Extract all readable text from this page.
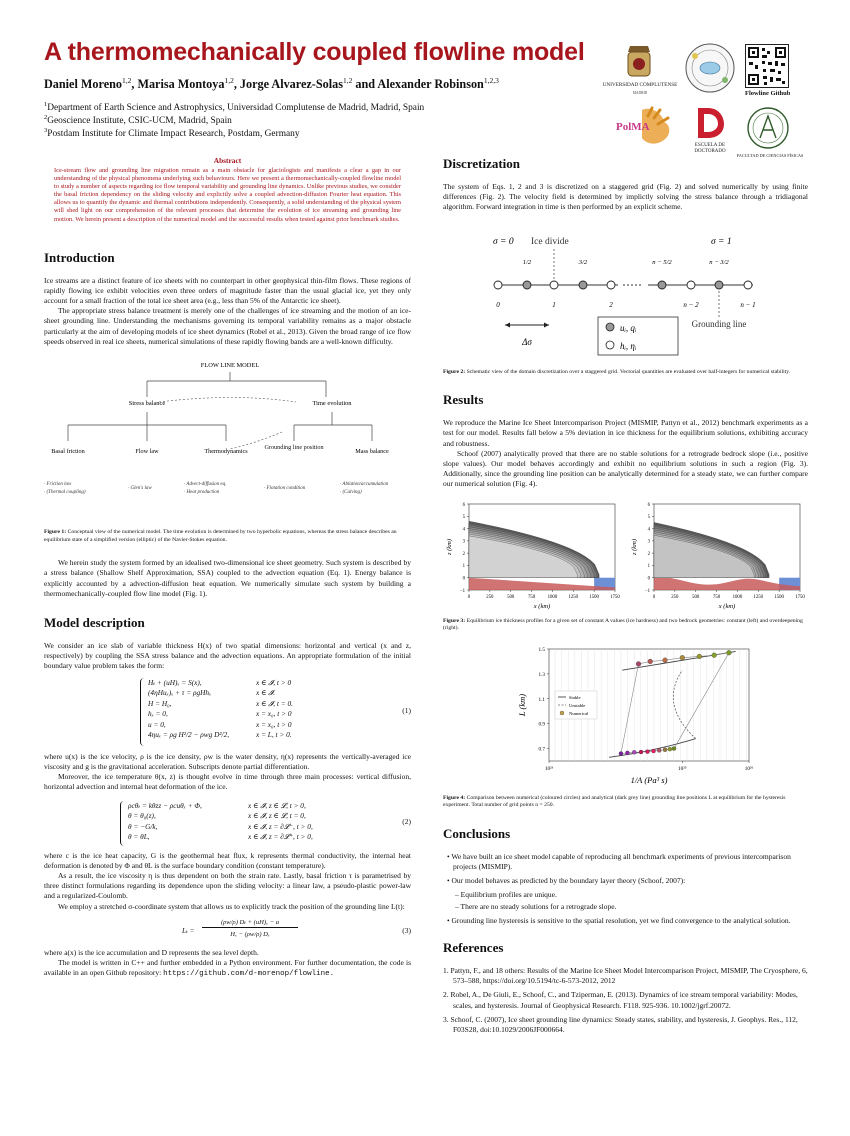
A thermomechanically coupled flowline model
Daniel Moreno$^{1,2}$, Marisa Montoya$^{1,2}$, Jorge Alvarez-Solas$^{1,2}$ and Alexander Robinson$^{1,2,3}$
$^1$Department of Earth Science and Astrophysics, Universidad Complutense de Madrid, Madrid, Spain
$^2$Geoscience Institute, CSIC-UCM, Madrid, Spain
$^3$Postdam Institute for Climate Impact Research, Postdam, Germany
UNIVERSIDAD COMPLUTENSE
MADRID	Flowline Github
PolMA
ESCUELA DE
DOCTORADO
FACULTAD DE CIENCIAS FÍSICAS
Abstract
Ice-stream flow and grounding line migration remain as a main obstacle for glaciologists and manifests a clear a gap in our understanding of the physical phenomena underlying such behaviours. Here we present a thermomechanically-coupled flowline model to study a number of aspects regarding ice flow temporal variability and grounding line dynamics. Unlike previous studies, we consider the basal friction dependency on the sliding velocity and explicitly solve a coupled advection-diffusion Fourier heat equation. This allows us to quantify the dynamic and thermal contributions independently. Consequently, a solid understanding of the physical system will shed light on our comprehension of the relevant processes that determine the evolution of ice streaming and grounding line motion. We herein present a description of the numerical model and the successful results when tested against prior benchmark studies.
Introduction

Ice streams are a distinct feature of ice sheets with no counterpart in other geophysical thin-film flows. These regions of rapidly flowing ice exhibit velocities even three orders of magnitude faster than the usual glacial ice, yet they only account for a small fraction of the total ice sheet area (e.g., less than 5% of the Antarctic ice sheet).

The appropriate stress balance treatment is merely one of the challenges of ice streaming and the motion of an ice-sheet grounding line. Understanding the mechanisms governing its temporal variability remains as a major obstacle particularly at the aim of developing models of ice sheet dynamics (Robel et al., 2013). Given the broad range of ice flow speeds observed in real ice sheets, numerical simulations of these rapidly flowing bands are a well-known difficulty.

FLOW LINE MODEL
Stress balance	Time evolution
Basal friction	Flow law	Thermodynamics
Grounding line position
Mass balance
· Friction law
· (Thermal coupling)
· Glen's law
· Advect-diffusion eq.
· Heat production
· Flotation condition
· Ablation/accumulation
· (Calving)
Figure 1: Conceptual view of the numerical model. The time evolution is determined by two hyperbolic equations, whereas the stress balance describes an equilibrium state of a simplified version (elliptic) of the Navier-Stokes equation.

We herein study the system formed by an idealised two-dimensional ice sheet geometry. Such system is described by a stress balance (Shallow Shelf Approximation, SSA) coupled to the advection equation (Eq. 1). Energy balance is explicitly accounted by a advection-diffusion heat equation. We numerically simulate such system by building a thermomechanically-coupled flow line model (Fig. 1).

Model description

We consider an ice slab of variable thickness H(x) of two spatial dimensions: horizontal and vertical (x and z, respectively) by coupling the SSA stress balance and the advection equations. An appropriate formulation of the initial boundary value problem takes the form:

Hₜ + (uH)ₓ = S(x),	x ∈ 𝓘, t > 0
(4ηHuₓ)ₓ + τ = ρgHhₓ	x ∈ 𝓘.
H = H₀,	x ∈ 𝓘, t = 0.
hₓ = 0,	x = x₀, t > 0
u = 0,	x = x₀, t > 0
4ηuₓ = ρg H²/2 − ρwg D²/2,	x = L, t > 0.
(1)

where u(x) is the ice velocity, ρ is the ice density, ρw is the water density, η(x) represents the vertically-averaged ice viscosity and g is the gravitational acceleration. Subscripts denote partial differentiation.

Moreover, the ice temperature θ(x, z) is thought evolve in time through three main processes: vertical diffusion, horizontal advection and internal heat deformation of the ice.

ρcθₜ = kθzz − ρcuθₓ + Φ,	x ∈ 𝓘, z ∈ 𝓛, t > 0,
θ = θ₀(z),	x ∈ 𝓘, z ∈ 𝓛, t = 0,
θ = −G/k,	x ∈ 𝓘, z = ∂𝓛⁻, t > 0,
θ = θL,	x ∈ 𝓘, z = ∂𝓛⁺, t > 0,
(2)

where c is the ice heat capacity, G is the geothermal heat flux, k represents thermal conductivity, the internal heat deformation is denoted by Φ and θL is the surface boundary condition (constant temperature).

As a result, the ice viscosity η is thus dependent on both the strain rate. Lastly, basal friction τ is parametrised by three distinct formulations regarding its dependence upon the sliding velocity: a linear law, a pseudo-plastic power-law and a regularized-Coulomb.

We employ a stretched σ-coordinate system that allows us to explicitly track the position of the grounding line L(t):

Lₜ =
(ρw/ρ) Dₜ + (uH)ₓ − a
Hₓ − (ρw/ρ) Dₓ	(3)

where a(x) is the ice accumulation and D represents the sea level depth.

The model is written in C++ and further embedded in a Python environment. For further documentation, the code is available in an open Github repository: https://github.com/d-morenop/flowline.

Discretization

The system of Eqs. 1, 2 and 3 is discretized on a staggered grid (Fig. 2) and solved numerically by using finite differences (Fig. 2). The velocity field is determined by implictly solving the stress balance through a tridiagonal algorithm. Forward integration in time is then performed by an explicit scheme.

σ = 0 Ice divide	σ = 1
1/2	3/2	n − 5/2	n − 3/2
0	1	2	n − 2	n − 1
Grounding line
Δσ
uᵢ, qᵢ
hᵢ, ηᵢ
Figure 2: Schematic view of the domain discretization over a staggered grid. Vectorial quantities are evaluated over half-integers for numerical stability.
Results

We reproduce the Marine Ice Sheet Intercomparison Project (MISMIP, Pattyn et al., 2012) benchmark experiments as a test for our model. Results fall below a 5% deviation in ice thickness for the equilibrium solutions, exhibiting accuracy and robustness.

Schoof (2007) analytically proved that there are no stable solutions for a retrograde bedrock slope (i.e., positive slope values). Our model behaves accordingly and exhibit no equilibrium solutions in such a region (Fig. 3). Additionally, since the grounding line position can be analytically determined for a steady state, we can further compare our numerical solution (Fig. 4).

0	250	500	750	1000 1250 1500 1750
−1
0
1
2
3
4
5
6
x (km)
z (km)
0	250	500	750	1000 1250 1500 1750
−1
0
1
2
3
4
5
6
x (km)
z (km)
Figure 3: Equilibrium ice thickness profiles for a given set of constant A values (ice hardness) and two bedrock geometries: constant (left) and overdeepening (right).
10²³	10²⁵	10²⁶
0.7
0.9
1.1
1.3
1.5
1/A (Pa³ s)
L (km)	Stable
Unstable
Numerical
Figure 4: Comparison between numerical (coloured circles) and analytical (dark grey line) grounding line positions L at equilibrium for the hysteresis experiment. Total number of grid points n = 250.
Conclusions
• We have built an ice sheet model capable of reproducing all benchmark experiments of previous intercomparison projects (MISMIP).
• Our model behaves as predicted by the boundary layer theory (Schoof, 2007):
– Equilibrium profiles are unique.
– There are no steady solutions for a retrograde slope.
• Grounding line hysteresis is sensitive to the spatial resolution, yet we find convergence to the analytical solution.
References
1. Pattyn, F., and 18 others: Results of the Marine Ice Sheet Model Intercomparison Project, MISMIP, The Cryosphere, 6, 573–588, https://doi.org/10.5194/tc-6-573-2012, 2012
2. Robel, A., De Giuli, E., Schoof, C., and Tziperman, E. (2013). Dynamics of ice stream temporal variability: Modes, scales, and hysteresis. Journal of Geophysical Research. F118. 925-936. 10.1002/jgrf.20072.
3. Schoof, C. (2007), Ice sheet grounding line dynamics: Steady states, stability, and hysteresis, J. Geophys. Res., 112, F03S28, doi:10.1029/2006JF000664.
